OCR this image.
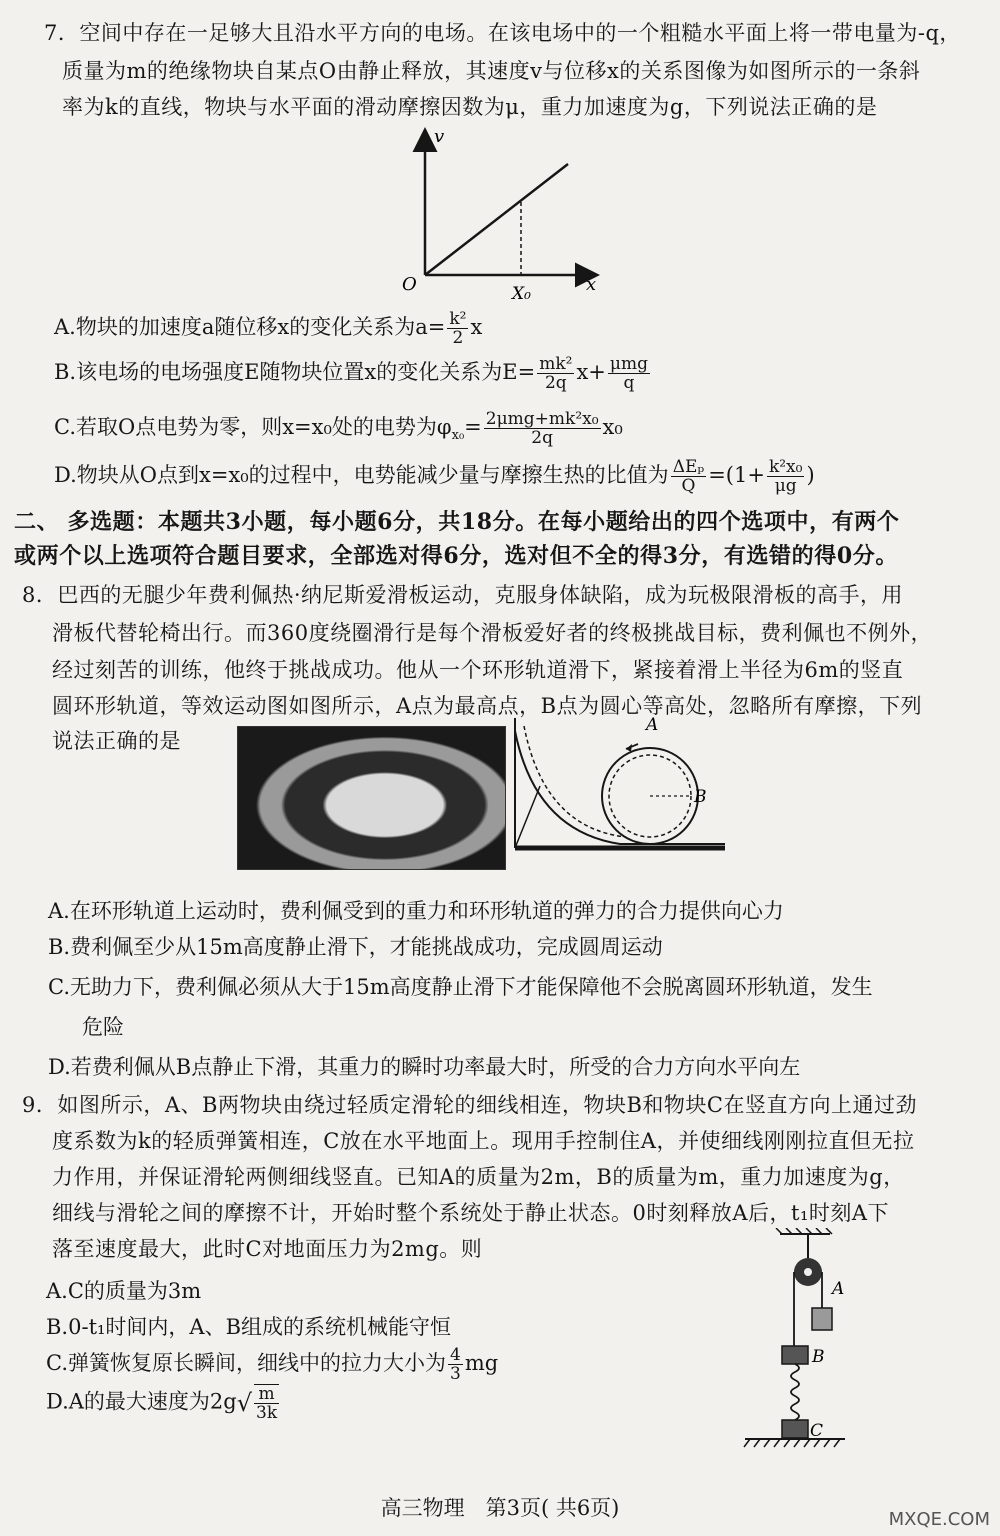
7．空间中存在一足够大且沿水平方向的电场。在该电场中的一个粗糙水平面上将一带电量为-q，
质量为m的绝缘物块自某点O由静止释放，其速度v与位移x的关系图像为如图所示的一条斜
率为k的直线，物块与水平面的滑动摩擦因数为μ，重力加速度为g，下列说法正确的是
v
x
O	X₀
A.物块的加速度a随位移x的变化关系为$a= \frac{\text{k²}}{2}$ x
B.该电场的电场强度E随物块位置x的变化关系为$E= \frac{\text{mk²}}{2q} x+ \frac{\text{μmg}}{q}$
C.若取O点电势为零，则x=x₀处的电势为$\varphi_{x_0}= \frac{\text{2μmg+mk²x₀}}{2q} x_0$
D.物块从O点到x=x₀的过程中，电势能减少量与摩擦生热的比值为 $\frac{\text{ΔEₚ}}{Q} =(1+ \frac{\text{k²x₀}}{\mu g}$ )
二、 多选题：本题共3小题，每小题6分，共18分。在每小题给出的四个选项中，有两个
或两个以上选项符合题目要求，全部选对得6分，选对但不全的得3分，有选错的得0分。
8．巴西的无腿少年费利佩热·纳尼斯爱滑板运动，克服身体缺陷，成为玩极限滑板的高手，用
滑板代替轮椅出行。而360度绕圈滑行是每个滑板爱好者的终极挑战目标，费利佩也不例外，
经过刻苦的训练，他终于挑战成功。他从一个环形轨道滑下，紧接着滑上半径为6m的竖直
圆环形轨道，等效运动图如图所示，A点为最高点，B点为圆心等高处，忽略所有摩擦，下列
说法正确的是
A
B
A.在环形轨道上运动时，费利佩受到的重力和环形轨道的弹力的合力提供向心力
B.费利佩至少从15m高度静止滑下，才能挑战成功，完成圆周运动
C.无助力下，费利佩必须从大于15m高度静止滑下才能保障他不会脱离圆环形轨道，发生
危险
D.若费利佩从B点静止下滑，其重力的瞬时功率最大时，所受的合力方向水平向左
9．如图所示，A、B两物块由绕过轻质定滑轮的细线相连，物块B和物块C在竖直方向上通过劲
度系数为k的轻质弹簧相连，C放在水平地面上。现用手控制住A，并使细线刚刚拉直但无拉
力作用，并保证滑轮两侧细线竖直。已知A的质量为2m，B的质量为m，重力加速度为g，
细线与滑轮之间的摩擦不计，开始时整个系统处于静止状态。0时刻释放A后，t₁时刻A下
落至速度最大，此时C对地面压力为2mg。则
A.C的质量为3m
B.0-t₁时间内，A、B组成的系统机械能守恒
C.弹簧恢复原长瞬间，细线中的拉力大小为 $\frac{4}{3}$ mg
D.A的最大速度为$2g√ \frac{m}{3k}$
A
B
C
高三物理　第3页( 共6页)	MXQE.COM
